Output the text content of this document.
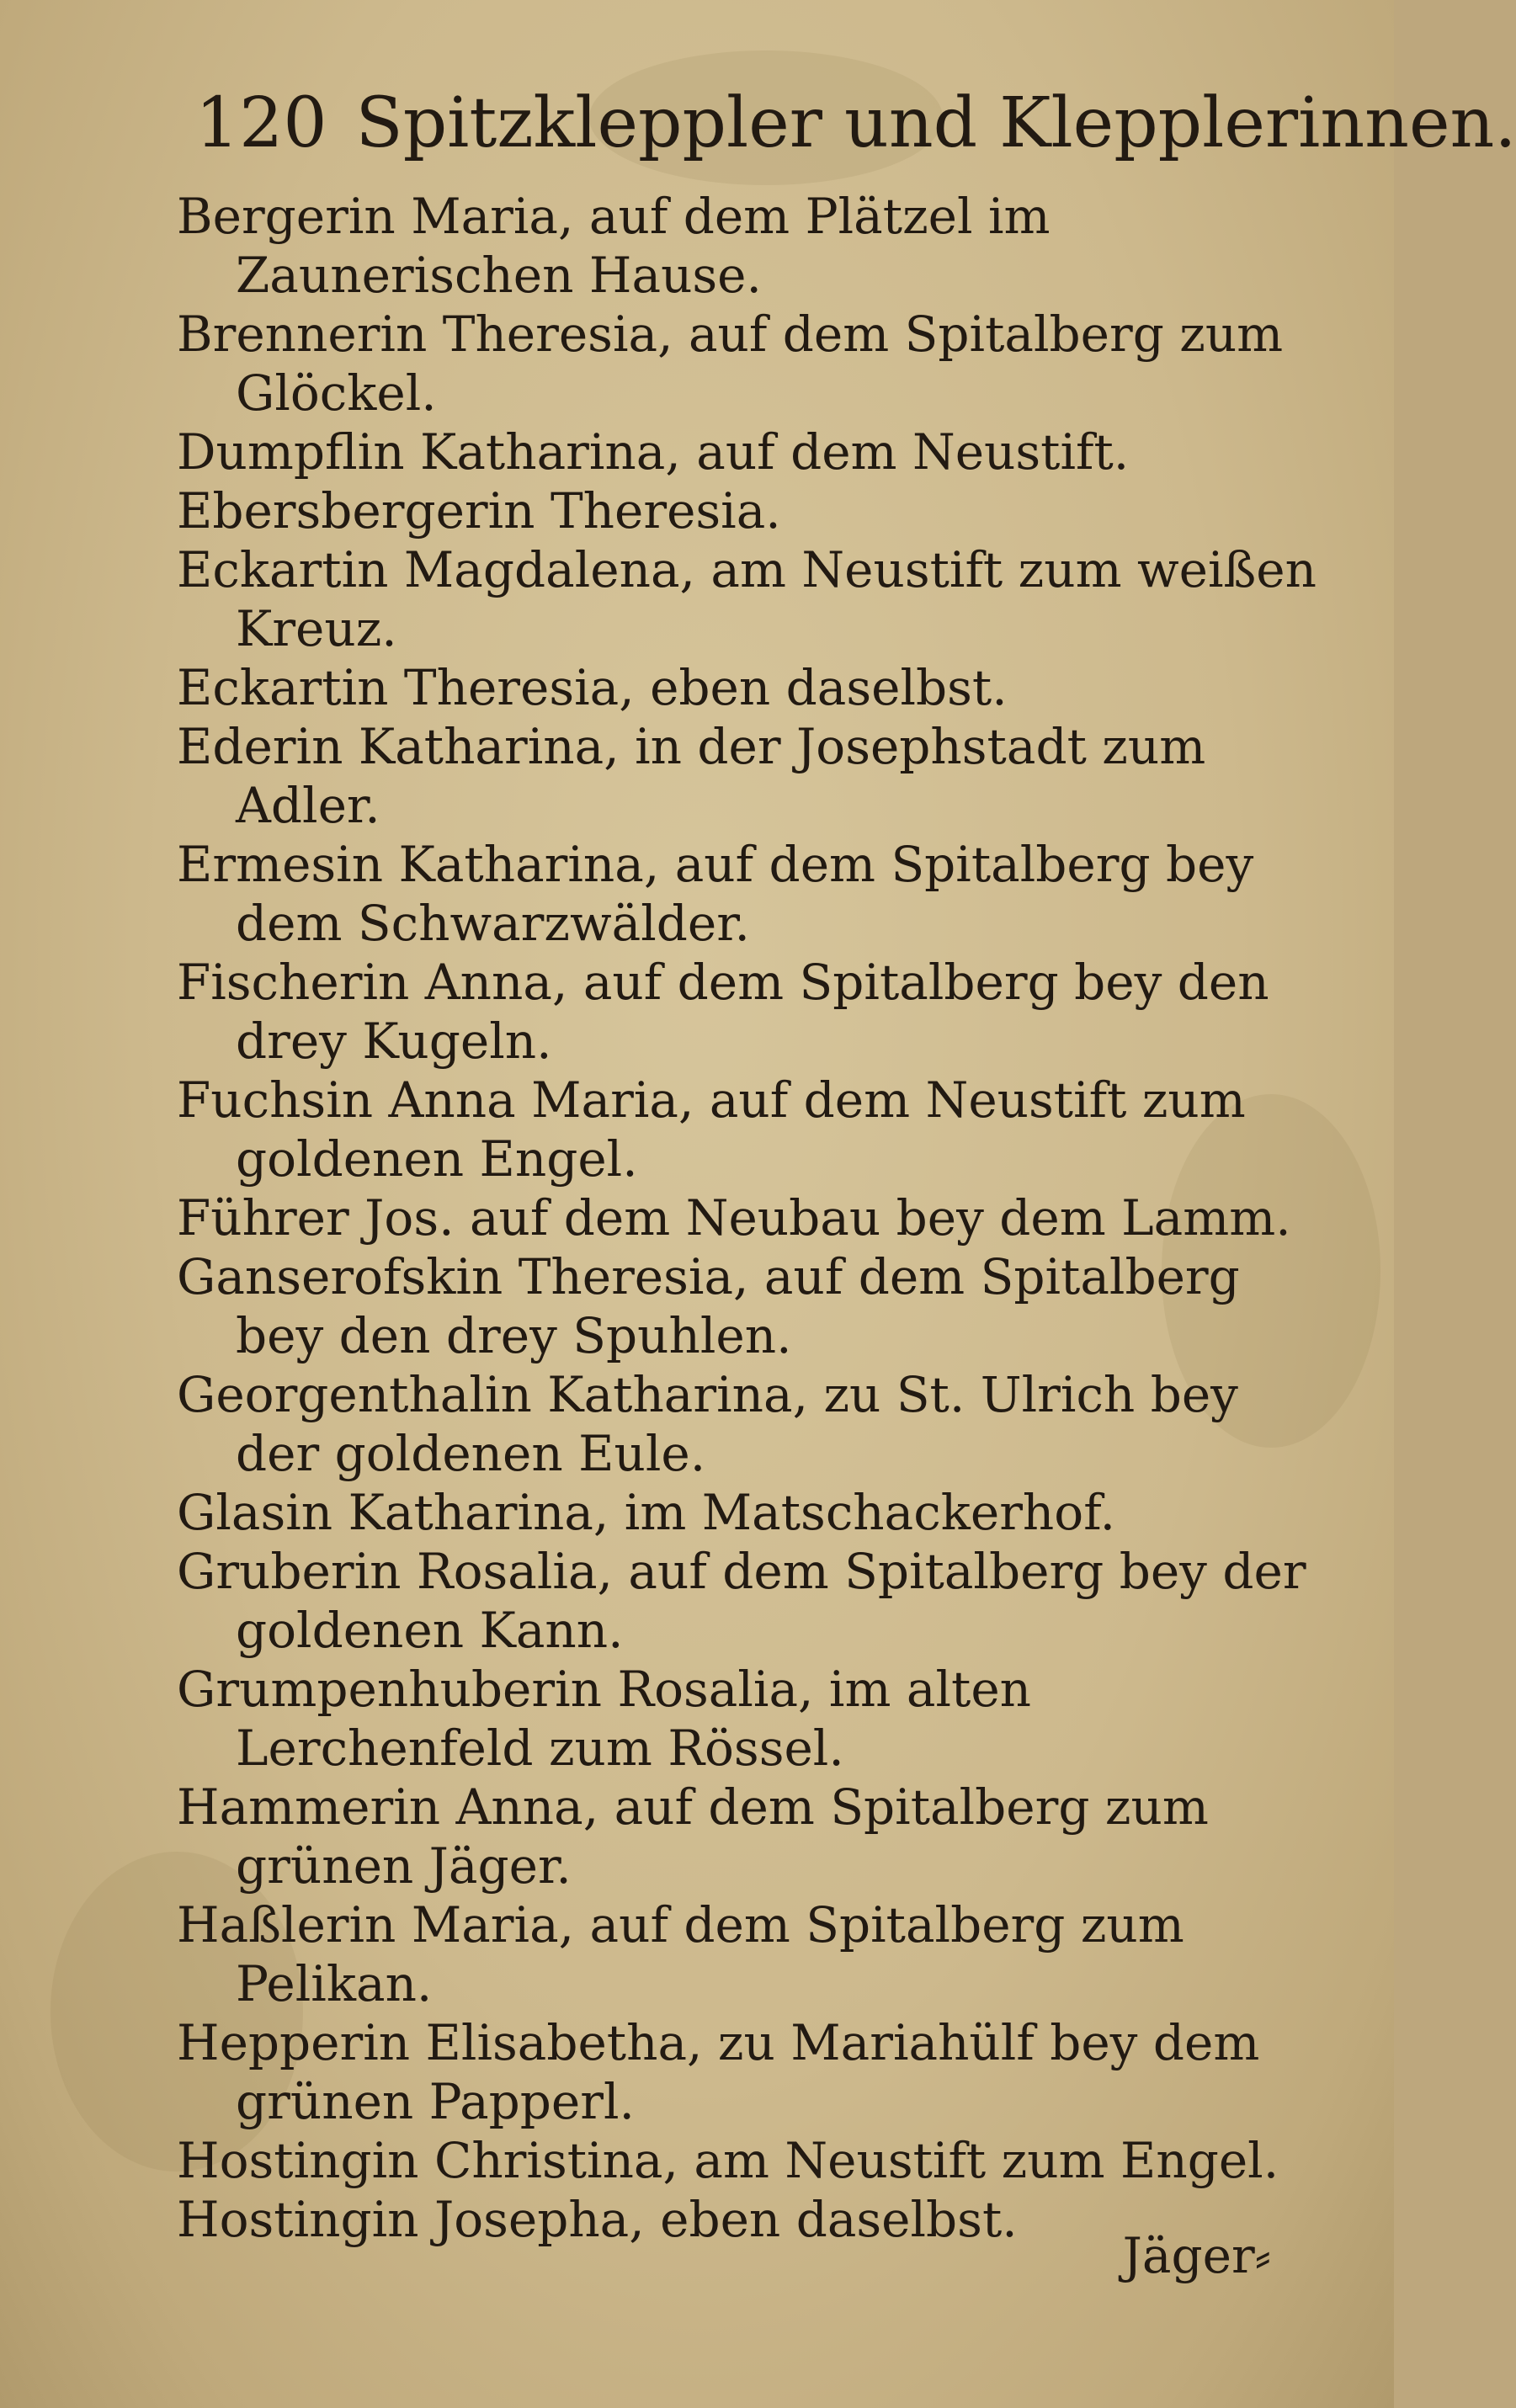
120 Spitzkleppler und Klepplerinnen.
Bergerin Maria, auf dem Plätzel im Zaunerischen Hause.
Brennerin Theresia, auf dem Spitalberg zum Glöckel.
Dumpflin Katharina, auf dem Neustift.
Ebersbergerin Theresia.
Eckartin Magdalena, am Neustift zum weißen Kreuz.
Eckartin Theresia, eben daselbst.
Ederin Katharina, in der Josephstadt zum Adler.
Ermesin Katharina, auf dem Spitalberg bey dem Schwarzwälder.
Fischerin Anna, auf dem Spitalberg bey den drey Kugeln.
Fuchsin Anna Maria, auf dem Neustift zum goldenen Engel.
Führer Jos. auf dem Neubau bey dem Lamm.
Ganserofskin Theresia, auf dem Spitalberg bey den drey Spuhlen.
Georgenthalin Katharina, zu St. Ulrich bey der goldenen Eule.
Glasin Katharina, im Matschackerhof.
Gruberin Rosalia, auf dem Spitalberg bey der goldenen Kann.
Grumpenhuberin Rosalia, im alten Lerchenfeld zum Rössel.
Hammerin Anna, auf dem Spitalberg zum grünen Jäger.
Haßlerin Maria, auf dem Spitalberg zum Pelikan.
Hepperin Elisabetha, zu Mariahülf bey dem grünen Papperl.
Hostingin Christina, am Neustift zum Engel.
Hostingin Josepha, eben daselbst.
Jäger⸗
